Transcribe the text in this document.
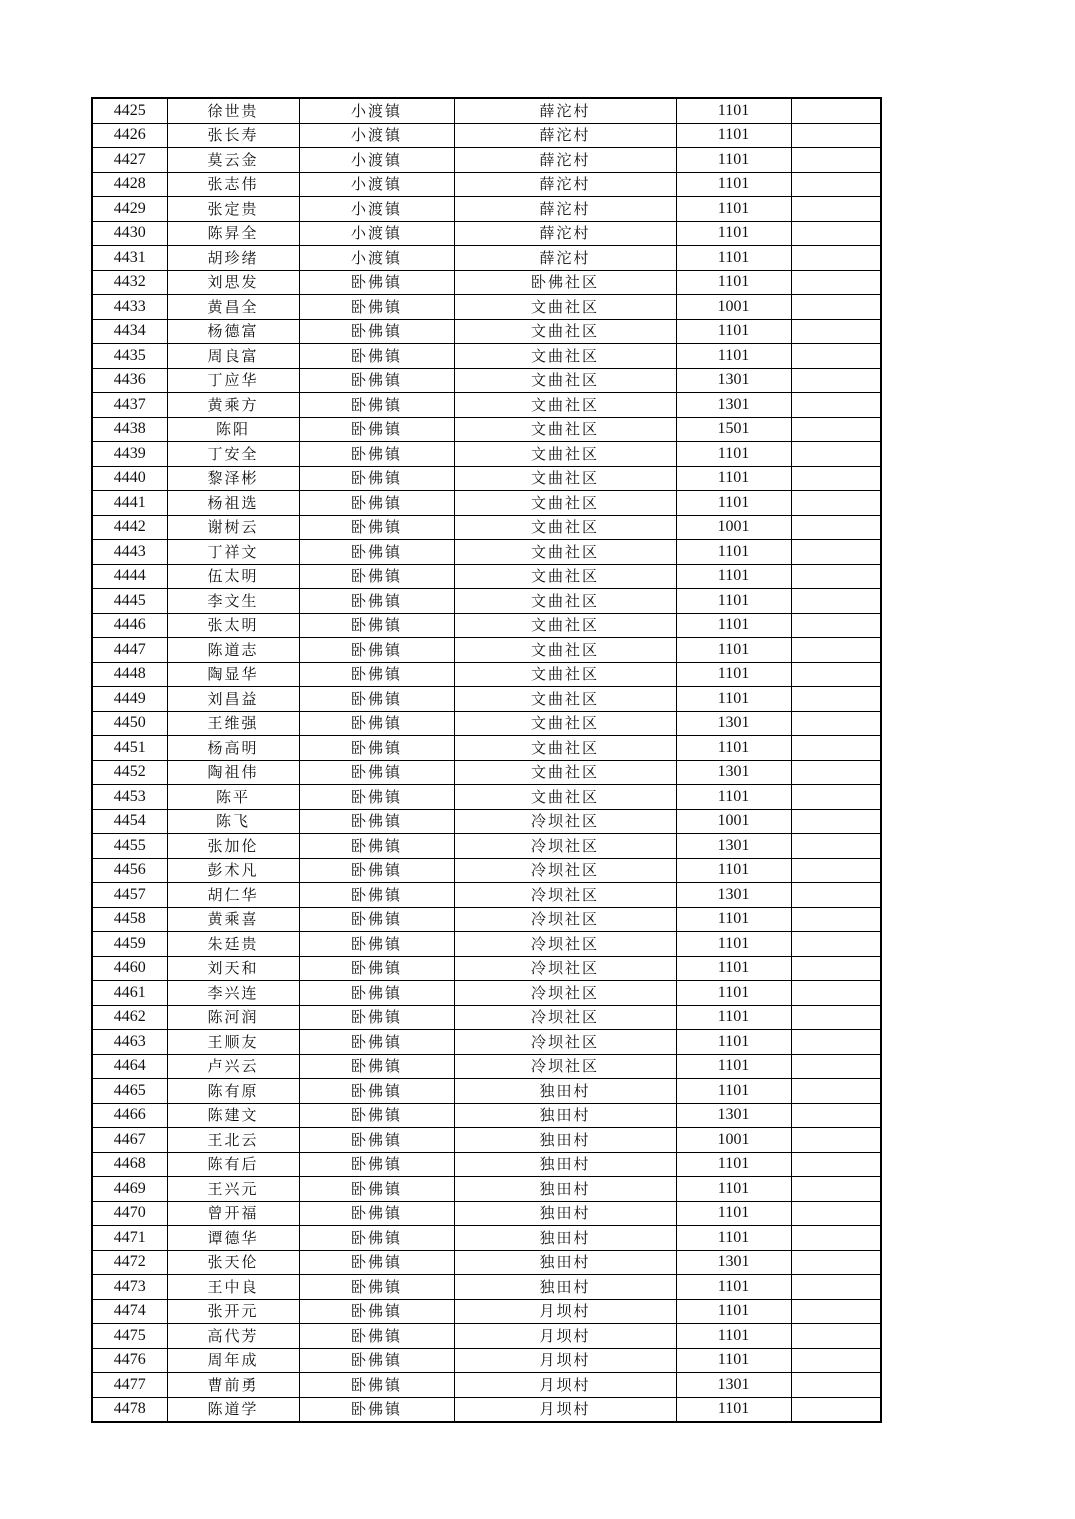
4425	徐世贵	小渡镇	薛沱村	1101	
4426	张长寿	小渡镇	薛沱村	1101	
4427	莫云金	小渡镇	薛沱村	1101	
4428	张志伟	小渡镇	薛沱村	1101	
4429	张定贵	小渡镇	薛沱村	1101	
4430	陈昇全	小渡镇	薛沱村	1101	
4431	胡珍绪	小渡镇	薛沱村	1101	
4432	刘思发	卧佛镇	卧佛社区	1101	
4433	黄昌全	卧佛镇	文曲社区	1001	
4434	杨德富	卧佛镇	文曲社区	1101	
4435	周良富	卧佛镇	文曲社区	1101	
4436	丁应华	卧佛镇	文曲社区	1301	
4437	黄乘方	卧佛镇	文曲社区	1301	
4438	陈阳	卧佛镇	文曲社区	1501	
4439	丁安全	卧佛镇	文曲社区	1101	
4440	黎泽彬	卧佛镇	文曲社区	1101	
4441	杨祖选	卧佛镇	文曲社区	1101	
4442	谢树云	卧佛镇	文曲社区	1001	
4443	丁祥文	卧佛镇	文曲社区	1101	
4444	伍太明	卧佛镇	文曲社区	1101	
4445	李文生	卧佛镇	文曲社区	1101	
4446	张太明	卧佛镇	文曲社区	1101	
4447	陈道志	卧佛镇	文曲社区	1101	
4448	陶显华	卧佛镇	文曲社区	1101	
4449	刘昌益	卧佛镇	文曲社区	1101	
4450	王维强	卧佛镇	文曲社区	1301	
4451	杨高明	卧佛镇	文曲社区	1101	
4452	陶祖伟	卧佛镇	文曲社区	1301	
4453	陈平	卧佛镇	文曲社区	1101	
4454	陈飞	卧佛镇	冷坝社区	1001	
4455	张加伦	卧佛镇	冷坝社区	1301	
4456	彭术凡	卧佛镇	冷坝社区	1101	
4457	胡仁华	卧佛镇	冷坝社区	1301	
4458	黄乘喜	卧佛镇	冷坝社区	1101	
4459	朱廷贵	卧佛镇	冷坝社区	1101	
4460	刘天和	卧佛镇	冷坝社区	1101	
4461	李兴连	卧佛镇	冷坝社区	1101	
4462	陈河润	卧佛镇	冷坝社区	1101	
4463	王顺友	卧佛镇	冷坝社区	1101	
4464	卢兴云	卧佛镇	冷坝社区	1101	
4465	陈有原	卧佛镇	独田村	1101	
4466	陈建文	卧佛镇	独田村	1301	
4467	王北云	卧佛镇	独田村	1001	
4468	陈有后	卧佛镇	独田村	1101	
4469	王兴元	卧佛镇	独田村	1101	
4470	曾开福	卧佛镇	独田村	1101	
4471	谭德华	卧佛镇	独田村	1101	
4472	张天伦	卧佛镇	独田村	1301	
4473	王中良	卧佛镇	独田村	1101	
4474	张开元	卧佛镇	月坝村	1101	
4475	高代芳	卧佛镇	月坝村	1101	
4476	周年成	卧佛镇	月坝村	1101	
4477	曹前勇	卧佛镇	月坝村	1301	
4478	陈道学	卧佛镇	月坝村	1101	
